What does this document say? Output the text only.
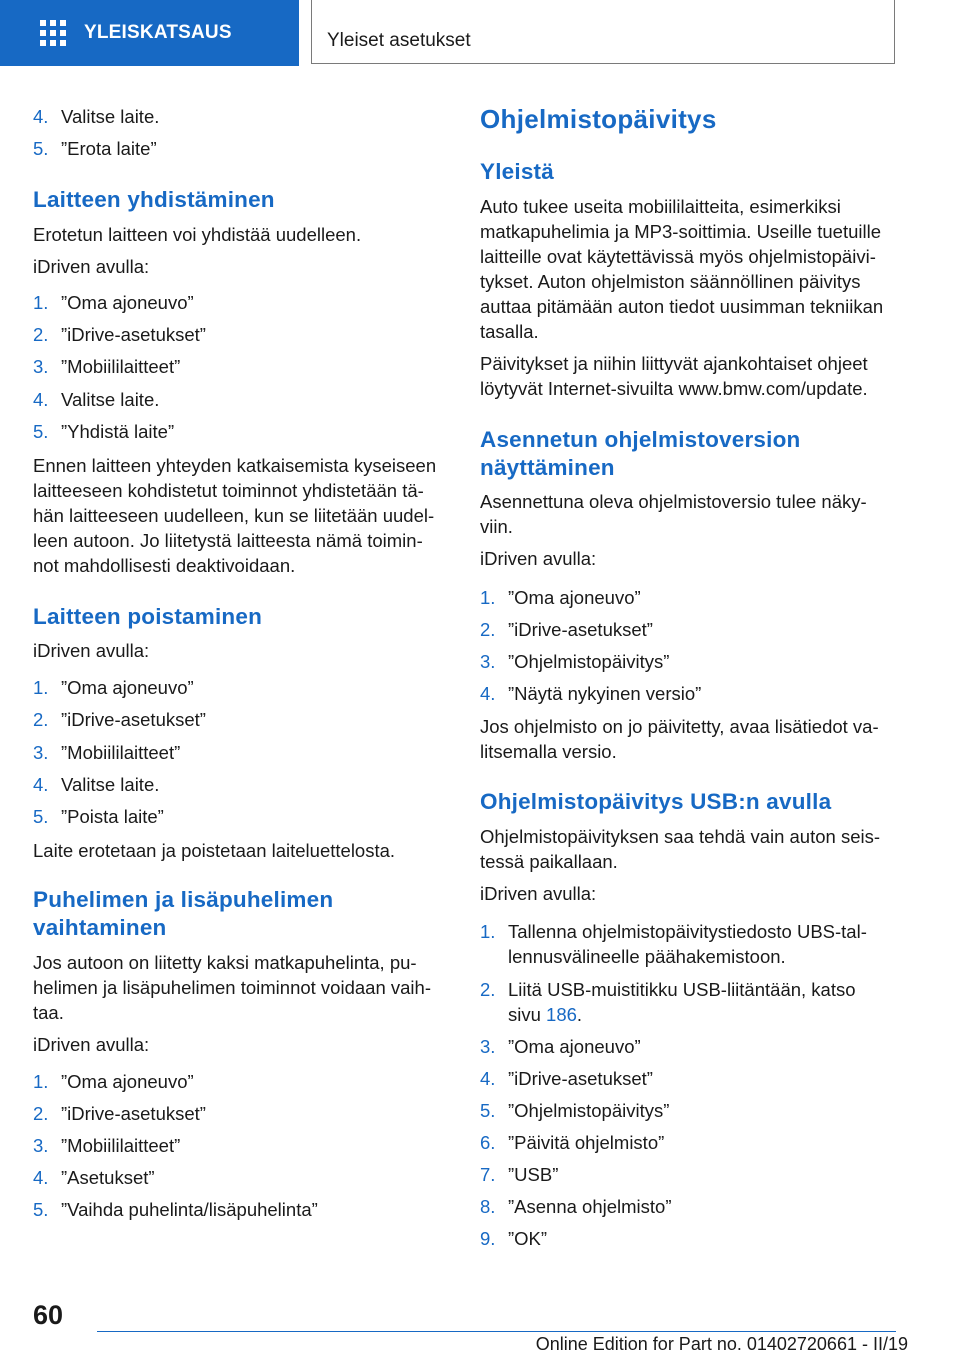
YLEISKATSAUS	Yleiset asetukset
4. Valitse laite.
5. ”Erota laite”
Laitteen yhdistäminen
Erotetun laitteen voi yhdistää uudelleen.
iDriven avulla:
1. ”Oma ajoneuvo”
2. ”iDrive-asetukset”
3. ”Mobiililaitteet”
4. Valitse laite.
5. ”Yhdistä laite”
Ennen laitteen yhteyden katkaisemista kyseiseen
laitteeseen kohdistetut toiminnot yhdistetään tä-
hän laitteeseen uudelleen, kun se liitetään uudel-
leen autoon. Jo liitetystä laitteesta nämä toimin-
not mahdollisesti deaktivoidaan.
Laitteen poistaminen
iDriven avulla:
1. ”Oma ajoneuvo”
2. ”iDrive-asetukset”
3. ”Mobiililaitteet”
4. Valitse laite.
5. ”Poista laite”
Laite erotetaan ja poistetaan laiteluettelosta.
Puhelimen ja lisäpuhelimen
vaihtaminen
Jos autoon on liitetty kaksi matkapuhelinta, pu-
helimen ja lisäpuhelimen toiminnot voidaan vaih-
taa.
iDriven avulla:
1. ”Oma ajoneuvo”
2. ”iDrive-asetukset”
3. ”Mobiililaitteet”
4. ”Asetukset”
5. ”Vaihda puhelinta/lisäpuhelinta”
Ohjelmistopäivitys
Yleistä
Auto tukee useita mobiililaitteita, esimerkiksi
matkapuhelimia ja MP3-soittimia. Useille tuetuille
laitteille ovat käytettävissä myös ohjelmistopäivi-
tykset. Auton ohjelmiston säännöllinen päivitys
auttaa pitämään auton tiedot uusimman tekniikan
tasalla.
Päivitykset ja niihin liittyvät ajankohtaiset ohjeet
löytyvät Internet-sivuilta www.bmw.com/update.
Asennetun ohjelmistoversion
näyttäminen
Asennettuna oleva ohjelmistoversio tulee näky-
viin.
iDriven avulla:
1. ”Oma ajoneuvo”
2. ”iDrive-asetukset”
3. ”Ohjelmistopäivitys”
4. ”Näytä nykyinen versio”
Jos ohjelmisto on jo päivitetty, avaa lisätiedot va-
litsemalla versio.
Ohjelmistopäivitys USB:n avulla
Ohjelmistopäivityksen saa tehdä vain auton seis-
tessä paikallaan.
iDriven avulla:
1. Tallenna ohjelmistopäivitystiedosto UBS-tal-
lennusvälineelle päähakemistoon.
2. Liitä USB-muistitikku USB-liitäntään, katso
sivu 186.
3. ”Oma ajoneuvo”
4. ”iDrive-asetukset”
5. ”Ohjelmistopäivitys”
6. ”Päivitä ohjelmisto”
7. ”USB”
8. ”Asenna ohjelmisto”
9. ”OK”
60
Online Edition for Part no. 01402720661 - II/19
